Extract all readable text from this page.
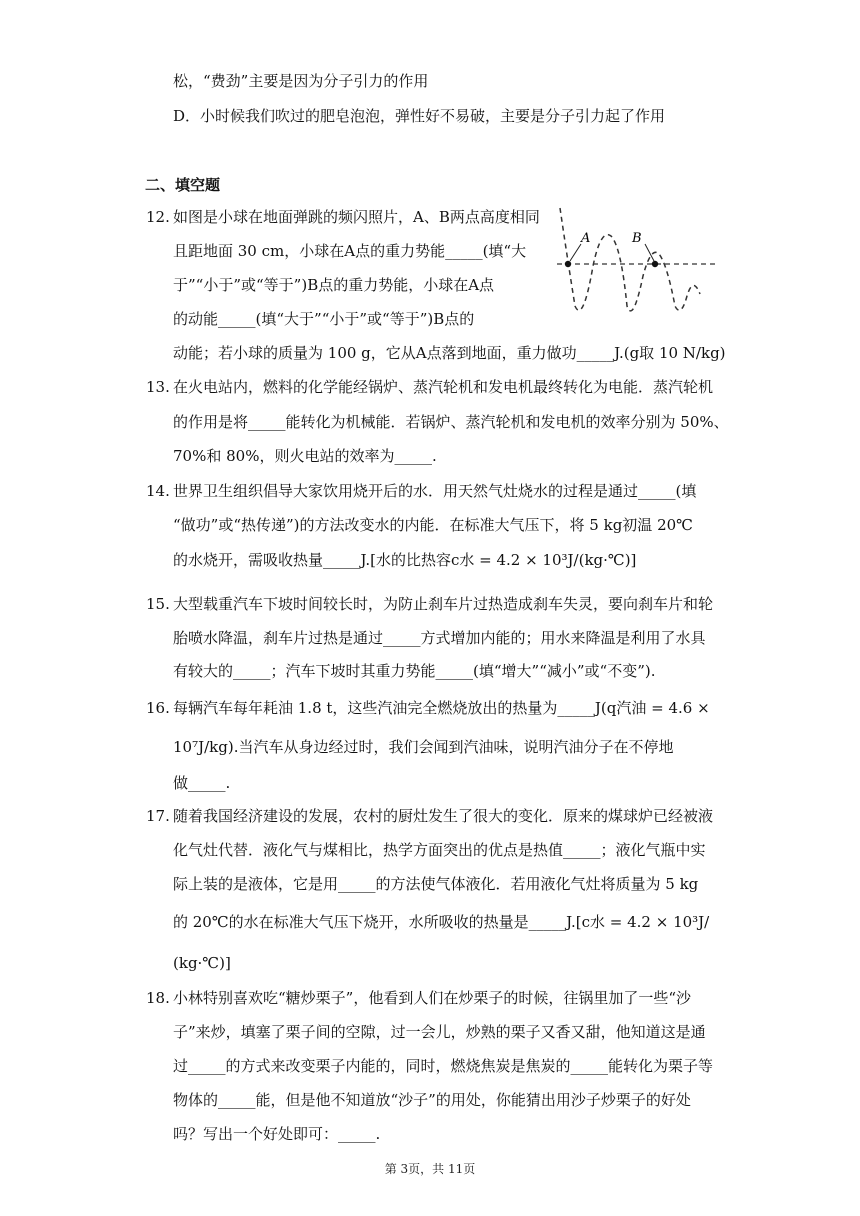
松，“费劲”主要是因为分子引力的作用
D．小时候我们吹过的肥皂泡泡，弹性好不易破，主要是分子引力起了作用
二、填空题
12. 如图是小球在地面弹跳的频闪照片，A、B两点高度相同
且距地面 30 cm，小球在A点的重力势能_____(填“大
于”“小于”或“等于”)B点的重力势能，小球在A点
的动能_____(填“大于”“小于”或“等于”)B点的
动能；若小球的质量为 100 g，它从A点落到地面，重力做功_____J.(g取 10 N/kg)
A	B
13. 在火电站内，燃料的化学能经锅炉、蒸汽轮机和发电机最终转化为电能．蒸汽轮机
的作用是将_____能转化为机械能．若锅炉、蒸汽轮机和发电机的效率分别为 50%、
70%和 80%，则火电站的效率为_____.
14. 世界卫生组织倡导大家饮用烧开后的水．用天然气灶烧水的过程是通过_____(填
“做功”或“热传递”)的方法改变水的内能．在标准大气压下，将 5 kg初温 20℃
的水烧开，需吸收热量_____J.[水的比热容c水 = 4.2 × 10³J/(kg·℃)]
15. 大型载重汽车下坡时间较长时，为防止刹车片过热造成刹车失灵，要向刹车片和轮
胎喷水降温，刹车片过热是通过_____方式增加内能的；用水来降温是利用了水具
有较大的_____；汽车下坡时其重力势能_____(填“增大”“减小”或“不变”).
16. 每辆汽车每年耗油 1.8 t，这些汽油完全燃烧放出的热量为_____J(q汽油 = 4.6 ×
10⁷J/kg).当汽车从身边经过时，我们会闻到汽油味，说明汽油分子在不停地
做_____.
17. 随着我国经济建设的发展，农村的厨灶发生了很大的变化．原来的煤球炉已经被液
化气灶代替．液化气与煤相比，热学方面突出的优点是热值_____；液化气瓶中实
际上装的是液体，它是用_____的方法使气体液化．若用液化气灶将质量为 5 kg
的 20℃的水在标准大气压下烧开，水所吸收的热量是_____J.[c水 = 4.2 × 10³J/
(kg·℃)]
18. 小林特别喜欢吃“糖炒栗子”，他看到人们在炒栗子的时候，往锅里加了一些“沙
子”来炒，填塞了栗子间的空隙，过一会儿，炒熟的栗子又香又甜，他知道这是通
过_____的方式来改变栗子内能的，同时，燃烧焦炭是焦炭的_____能转化为栗子等
物体的_____能，但是他不知道放“沙子”的用处，你能猜出用沙子炒栗子的好处
吗？写出一个好处即可：_____.
第 3页，共 11页
